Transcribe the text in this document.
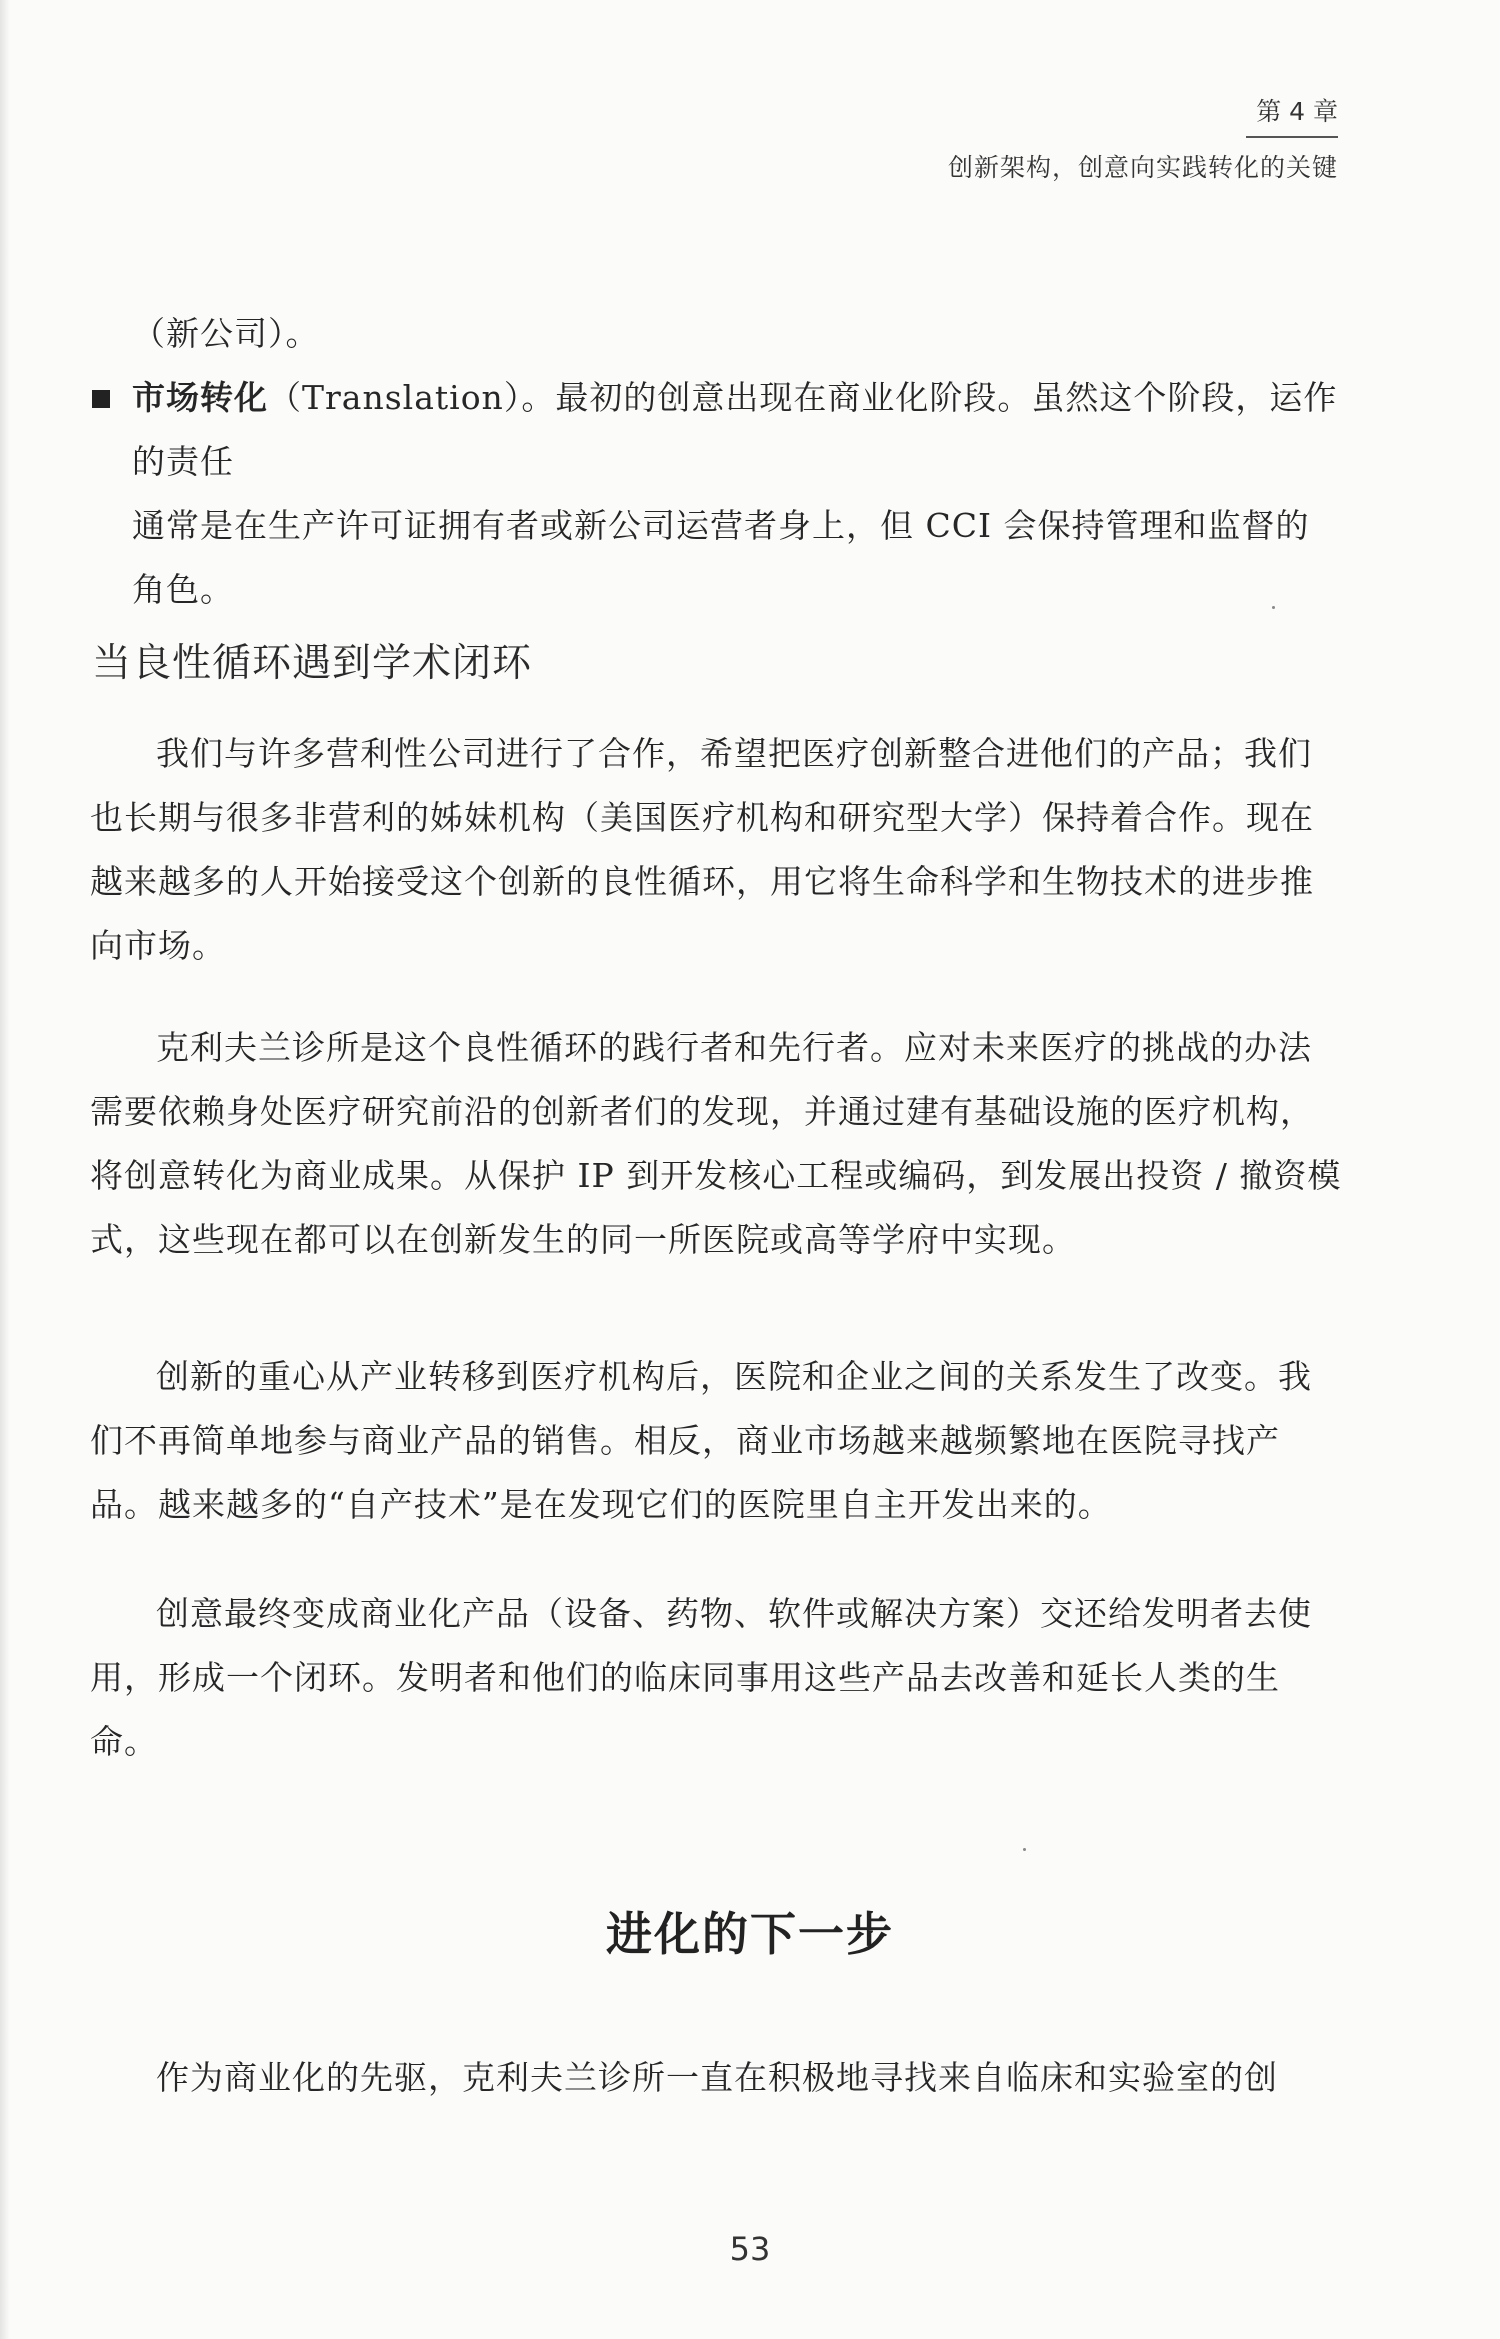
第 4 章
创新架构，创意向实践转化的关键
（新公司）。
市场转化（Translation）。最初的创意出现在商业化阶段。虽然这个阶段，运作的责任
通常是在生产许可证拥有者或新公司运营者身上，但 CCI 会保持管理和监督的角色。
当良性循环遇到学术闭环

我们与许多营利性公司进行了合作，希望把医疗创新整合进他们的产品；我们也长期与很多非营利的姊妹机构（美国医疗机构和研究型大学）保持着合作。现在越来越多的人开始接受这个创新的良性循环，用它将生命科学和生物技术的进步推向市场。

克利夫兰诊所是这个良性循环的践行者和先行者。应对未来医疗的挑战的办法需要依赖身处医疗研究前沿的创新者们的发现，并通过建有基础设施的医疗机构，将创意转化为商业成果。从保护 IP 到开发核心工程或编码，到发展出投资 / 撤资模式，这些现在都可以在创新发生的同一所医院或高等学府中实现。

创新的重心从产业转移到医疗机构后，医院和企业之间的关系发生了改变。我们不再简单地参与商业产品的销售。相反，商业市场越来越频繁地在医院寻找产品。越来越多的“自产技术”是在发现它们的医院里自主开发出来的。

创意最终变成商业化产品（设备、药物、软件或解决方案）交还给发明者去使用，形成一个闭环。发明者和他们的临床同事用这些产品去改善和延长人类的生命。

进化的下一步

作为商业化的先驱，克利夫兰诊所一直在积极地寻找来自临床和实验室的创

53
